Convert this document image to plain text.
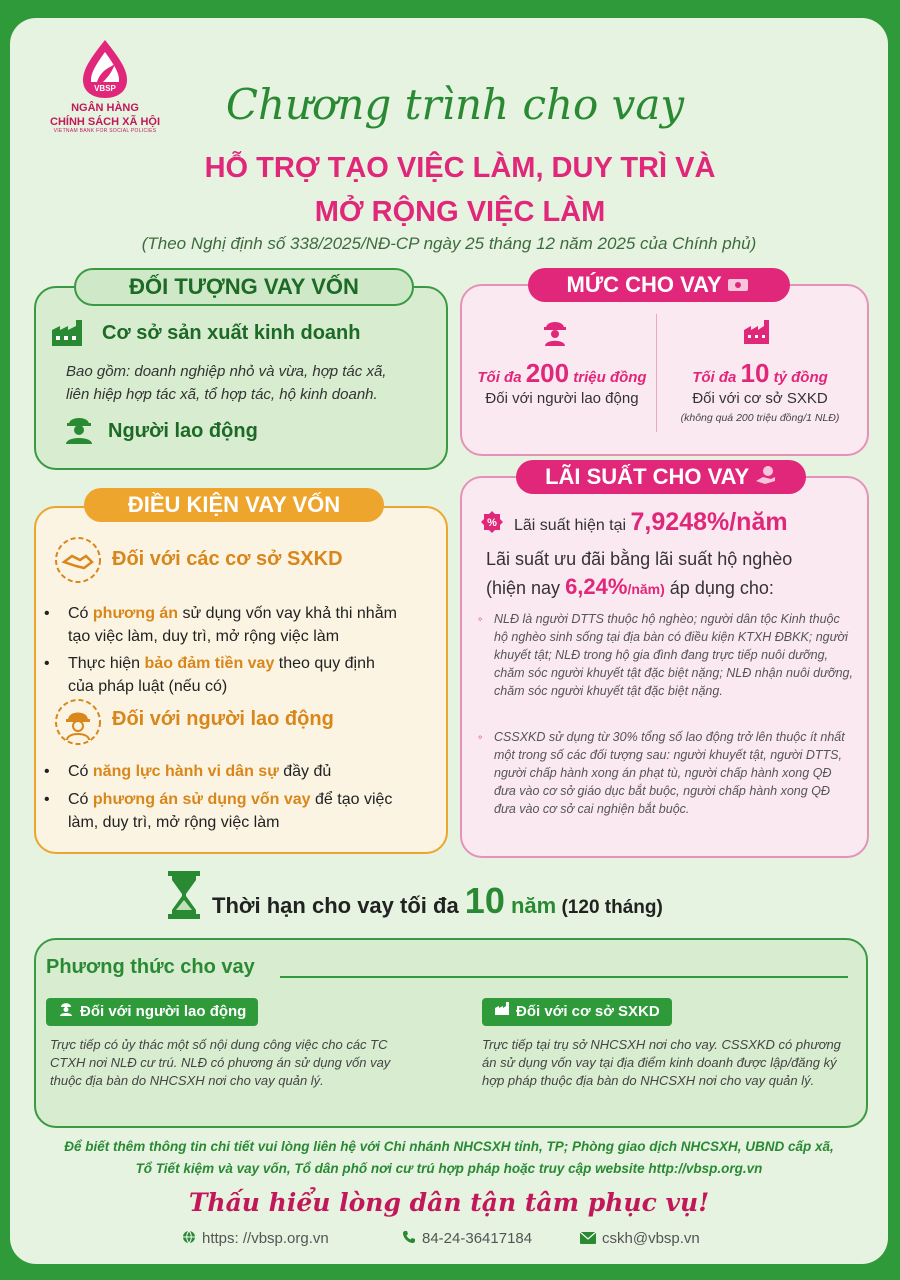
VBSP
NGÂN HÀNG
CHÍNH SÁCH XÃ HỘI
VIETNAM BANK FOR SOCIAL POLICIES
Chương trình cho vay
HỖ TRỢ TẠO VIỆC LÀM, DUY TRÌ VÀ
MỞ RỘNG VIỆC LÀM
(Theo Nghị định số 338/2025/NĐ-CP ngày 25 tháng 12 năm 2025 của Chính phủ)
ĐỐI TƯỢNG VAY VỐN
Cơ sở sản xuất kinh doanh
Bao gồm: doanh nghiệp nhỏ và vừa, hợp tác xã,
liên hiệp hợp tác xã, tổ hợp tác, hộ kinh doanh.
Người lao động
ĐIỀU KIỆN VAY VỐN
Đối với các cơ sở SXKD
•	Có phương án sử dụng vốn vay khả thi nhằm
tạo việc làm, duy trì, mở rộng việc làm
•	Thực hiện bảo đảm tiền vay theo quy định
của pháp luật (nếu có)
Đối với người lao động
•	Có năng lực hành vi dân sự đầy đủ
•	Có phương án sử dụng vốn vay để tạo việc
làm, duy trì, mở rộng việc làm
MỨC CHO VAY
Tối đa 200 triệu đồng
Đối với người lao động
Tối đa 10 tỷ đồng
Đối với cơ sở SXKD
(không quá 200 triệu đồng/1 NLĐ)
LÃI SUẤT CHO VAY
% Lãi suất hiện tại 7,9248%/năm
Lãi suất ưu đãi bằng lãi suất hộ nghèo
(hiện nay 6,24%/năm) áp dụng cho:
◦ NLĐ là người DTTS thuộc hộ nghèo; người dân tộc Kinh thuộc hộ nghèo sinh sống tại địa bàn có điều kiện KTXH ĐBKK; người khuyết tật; NLĐ trong hộ gia đình đang trực tiếp nuôi dưỡng, chăm sóc người khuyết tật đặc biệt nặng; NLĐ nhận nuôi dưỡng, chăm sóc người khuyết tật đặc biệt nặng.
◦ CSSXKD sử dụng từ 30% tổng số lao động trở lên thuộc ít nhất một trong số các đối tượng sau: người khuyết tật, người DTTS, người chấp hành xong án phạt tù, người chấp hành xong QĐ đưa vào cơ sở giáo dục bắt buộc, người chấp hành xong QĐ đưa vào cơ sở cai nghiện bắt buộc.
Thời hạn cho vay tối đa 10 năm (120 tháng)
Phương thức cho vay
Đối với người lao động	Đối với cơ sở SXKD
Trực tiếp có ủy thác một số nội dung công việc cho các TC CTXH nơi NLĐ cư trú. NLĐ có phương án sử dụng vốn vay thuộc địa bàn do NHCSXH nơi cho vay quản lý.
Trực tiếp tại trụ sở NHCSXH nơi cho vay. CSSXKD có phương án sử dụng vốn vay tại địa điểm kinh doanh được lập/đăng ký hợp pháp thuộc địa bàn do NHCSXH nơi cho vay quản lý.
Để biết thêm thông tin chi tiết vui lòng liên hệ với Chi nhánh NHCSXH tỉnh, TP; Phòng giao dịch NHCSXH, UBND cấp xã,
Tổ Tiết kiệm và vay vốn, Tổ dân phố nơi cư trú hợp pháp hoặc truy cập website http://vbsp.org.vn
Thấu hiểu lòng dân tận tâm phục vụ!
https: //vbsp.org.vn	84-24-36417184	cskh@vbsp.vn
